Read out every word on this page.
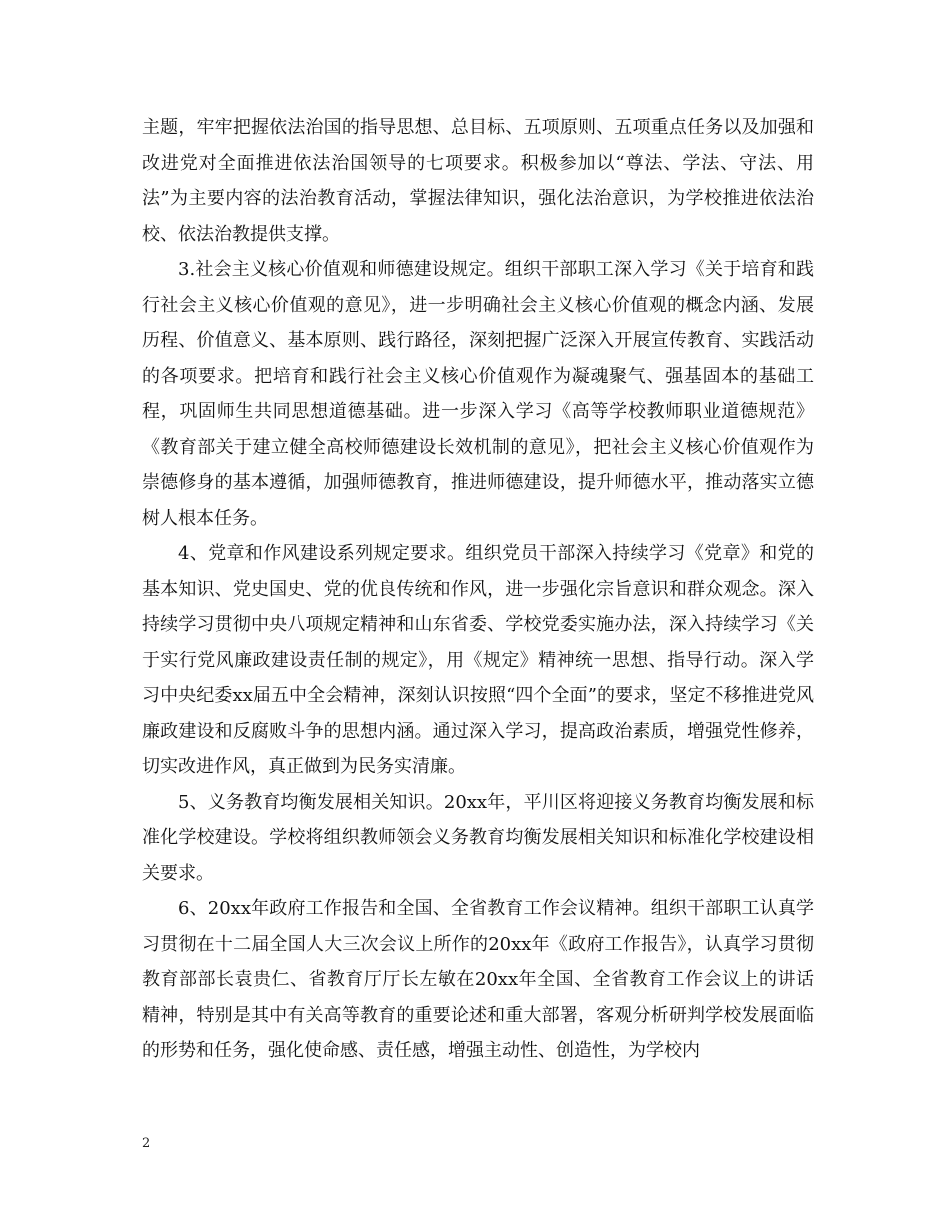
主题，牢牢把握依法治国的指导思想、总目标、五项原则、五项重点任务以及加强和改进党对全面推进依法治国领导的七项要求。积极参加以“尊法、学法、守法、用法”为主要内容的法治教育活动，掌握法律知识，强化法治意识，为学校推进依法治校、依法治教提供支撑。

3.社会主义核心价值观和师德建设规定。组织干部职工深入学习《关于培育和践行社会主义核心价值观的意见》，进一步明确社会主义核心价值观的概念内涵、发展历程、价值意义、基本原则、践行路径，深刻把握广泛深入开展宣传教育、实践活动的各项要求。把培育和践行社会主义核心价值观作为凝魂聚气、强基固本的基础工程，巩固师生共同思想道德基础。进一步深入学习《高等学校教师职业道德规范》《教育部关于建立健全高校师德建设长效机制的意见》，把社会主义核心价值观作为崇德修身的基本遵循，加强师德教育，推进师德建设，提升师德水平，推动落实立德树人根本任务。

4、党章和作风建设系列规定要求。组织党员干部深入持续学习《党章》和党的基本知识、党史国史、党的优良传统和作风，进一步强化宗旨意识和群众观念。深入持续学习贯彻中央八项规定精神和山东省委、学校党委实施办法，深入持续学习《关于实行党风廉政建设责任制的规定》，用《规定》精神统一思想、指导行动。深入学习中央纪委xx届五中全会精神，深刻认识按照“四个全面”的要求，坚定不移推进党风廉政建设和反腐败斗争的思想内涵。通过深入学习，提高政治素质，增强党性修养，切实改进作风，真正做到为民务实清廉。

5、义务教育均衡发展相关知识。20xx年，平川区将迎接义务教育均衡发展和标准化学校建设。学校将组织教师领会义务教育均衡发展相关知识和标准化学校建设相关要求。

6、20xx年政府工作报告和全国、全省教育工作会议精神。组织干部职工认真学习贯彻在十二届全国人大三次会议上所作的20xx年《政府工作报告》，认真学习贯彻教育部部长袁贵仁、省教育厅厅长左敏在20xx年全国、全省教育工作会议上的讲话精神，特别是其中有关高等教育的重要论述和重大部署，客观分析研判学校发展面临的形势和任务，强化使命感、责任感，增强主动性、创造性，为学校内

2
